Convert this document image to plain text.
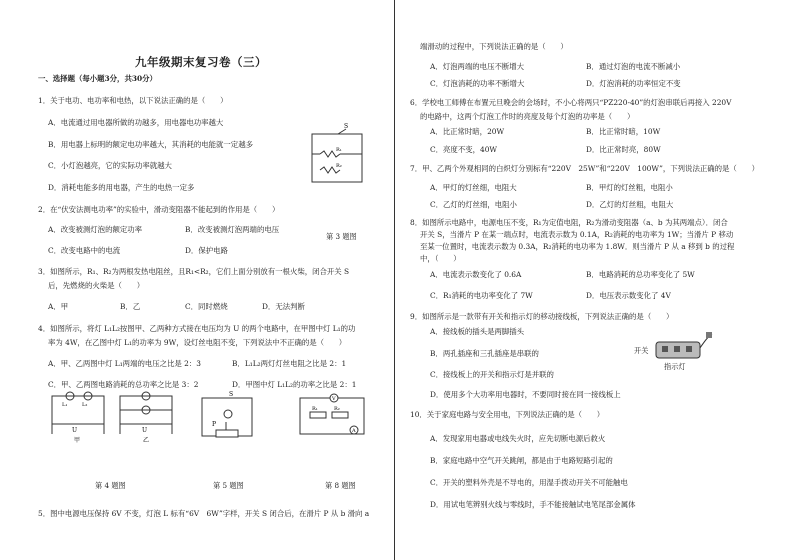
九年级期末复习卷（三）
一、选择题（每小题3分，共30分）
1．关于电功、电功率和电热，以下说法正确的是（　　）
A．电流通过用电器所做的功越多，用电器电功率越大
B．用电器上标明的额定电功率越大，其消耗的电能就一定越多
C．小灯泡越亮，它的实际功率就越大
D．消耗电能多的用电器，产生的电热一定多
2．在“伏安法测电功率”的实验中，滑动变阻器不能起到的作用是（　　）
A．改变被测灯泡的额定功率	B．改变被测灯泡两端的电压
C．改变电路中的电流	D．保护电路
第 3 题图
3．如图所示，R₁、R₂为两根发热电阻丝，且R₁<R₂，它们上面分别放有一根火柴，闭合开关 S
后，先燃烧的火柴是（　　）
A．甲	B．乙	C．同时燃烧	D．无法判断
4．如图所示，将灯 L₁L₂按图甲、乙两种方式接在电压均为 U 的两个电路中，在甲图中灯 L₁的功
率为 4W，在乙图中灯 L₁的功率为 9W，设灯丝电阻不变，下列说法中不正确的是（　　）
A．甲、乙两图中灯 L₁两端的电压之比是 2：3	B．L₁L₂两灯灯丝电阻之比是 2：1
C．甲、乙两图电路消耗的总功率之比是 3：2	D．甲图中灯 L₁L₂的功率之比是 2：1
第 4 题图	第 5 题图	第 8 题图
5．图中电源电压保持 6V 不变，灯泡 L 标有“6V　6W”字样，开关 S 闭合后，在滑片 P 从 b 滑向 a
S
R₁
R₂
U	U
甲	乙
L₁	L₂
P
S
V
A
R₁	R₂
端滑动的过程中，下列说法正确的是（　　）
A．灯泡两端的电压不断增大	B．通过灯泡的电流不断减小
C．灯泡消耗的功率不断增大	D．灯泡消耗的功率恒定不变
6．学校电工师傅在布置元旦晚会的会场时，不小心将两只“PZ220-40”的灯泡串联后再接入 220V
的电路中，这两个灯泡工作时的亮度及每个灯泡的功率是（　　）
A．比正常时暗，20W	B．比正常时暗，10W
C．亮度不变，40W	D．比正常时亮，80W
7．甲、乙两个外观相同的白炽灯分别标有“220V　25W”和“220V　100W”，下列说法正确的是（　　）
A．甲灯的灯丝细，电阻大	B．甲灯的灯丝粗，电阻小
C．乙灯的灯丝细，电阻小	D．乙灯的灯丝粗，电阻大
8．如图所示电路中，电源电压不变，R₁为定值电阻，R₂为滑动变阻器（a、b 为其两端点）．闭合
开关 S，当滑片 P 在某一端点时，电流表示数为 0.1A，R₂消耗的电功率为 1W；当滑片 P 移动
至某一位置时，电流表示数为 0.3A，R₂消耗的电功率为 1.8W．则当滑片 P 从 a 移到 b 的过程
中，（　　）
A．电流表示数变化了 0.6A	B．电路消耗的总功率变化了 5W
C．R₁消耗的电功率变化了 7W	D．电压表示数变化了 4V
9．如图所示是一款带有开关和指示灯的移动接线板，下列说法正确的是（　　）
A．接线板的插头是两脚插头
B．两孔插座和三孔插座是串联的
C．接线板上的开关和指示灯是并联的
D．使用多个大功率用电器时，不要同时接在同一接线板上
开关
指示灯
10．关于家庭电路与安全用电，下列说法正确的是（　　）
A．发现家用电器或电线失火时，应先切断电源后救火
B．家庭电路中空气开关跳闸，都是由于电路短路引起的
C．开关的塑料外壳是不导电的，用湿手拨动开关不可能触电
D．用试电笔辨别火线与零线时，手不能接触试电笔尾部金属体
